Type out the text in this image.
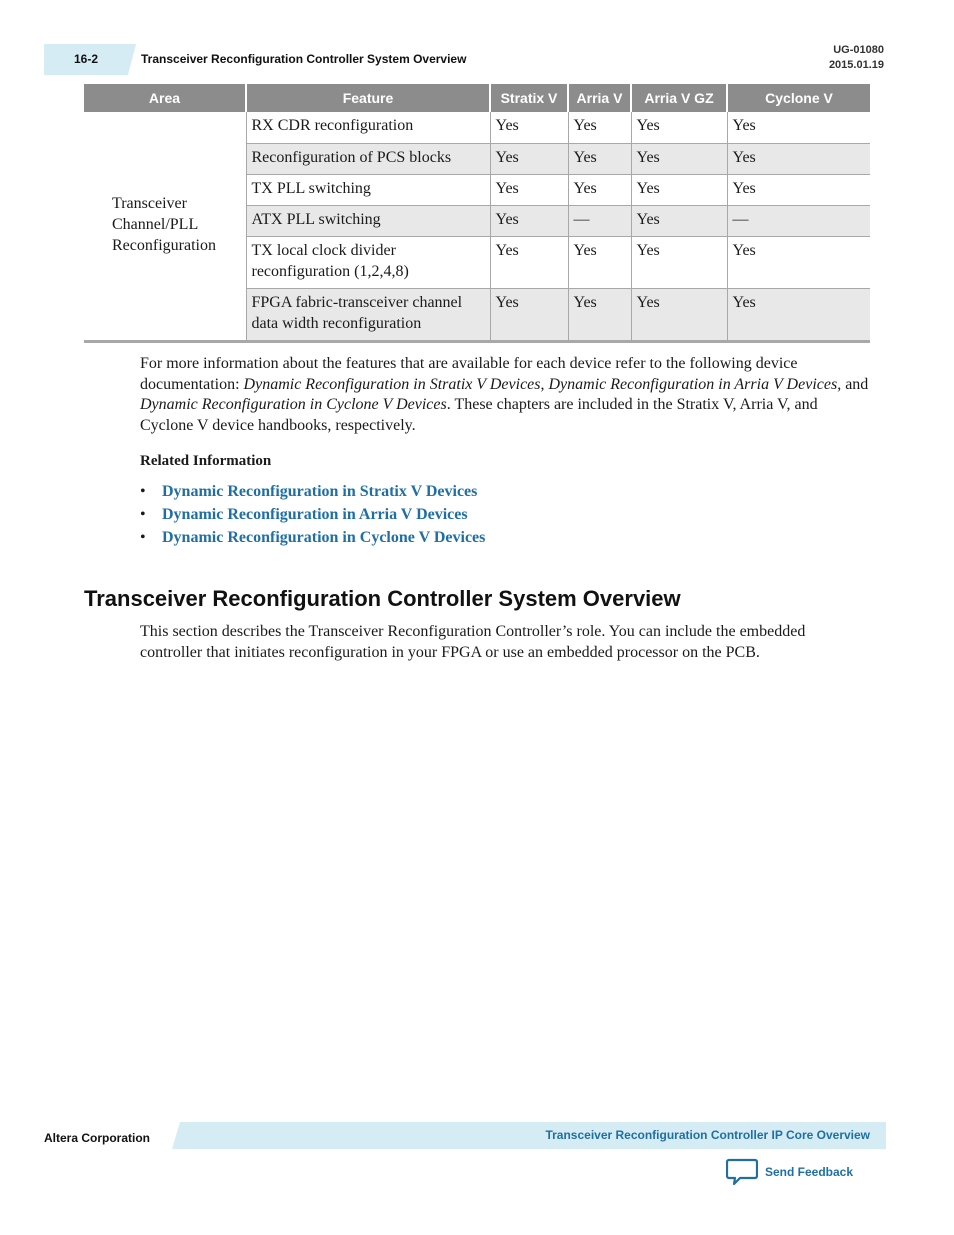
16-2	Transceiver Reconfiguration Controller System Overview
UG-01080
2015.01.19
Area	Feature	Stratix V	Arria V	Arria V GZ	Cyclone V
Transceiver Channel/PLL Reconfiguration	RX CDR reconfiguration	Yes	Yes	Yes	Yes
	Reconfiguration of PCS blocks	Yes	Yes	Yes	Yes
	TX PLL switching	Yes	Yes	Yes	Yes
	ATX PLL switching	Yes	—	Yes	—
	TX local clock divider reconfiguration (1,2,4,8)	Yes	Yes	Yes	Yes
	FPGA fabric-transceiver channel data width reconfiguration	Yes	Yes	Yes	Yes

For more information about the features that are available for each device refer to the following device documentation: Dynamic Reconfiguration in Stratix V Devices, Dynamic Reconfiguration in Arria V Devices, and Dynamic Reconfiguration in Cyclone V Devices. These chapters are included in the Stratix V, Arria V, and Cyclone V device handbooks, respectively.

Related Information
• Dynamic Reconfiguration in Stratix V Devices
• Dynamic Reconfiguration in Arria V Devices
• Dynamic Reconfiguration in Cyclone V Devices
Transceiver Reconfiguration Controller System Overview

This section describes the Transceiver Reconfiguration Controller’s role. You can include the embedded controller that initiates reconfiguration in your FPGA or use an embedded processor on the PCB.

Altera Corporation	Transceiver Reconfiguration Controller IP Core Overview
Send Feedback
